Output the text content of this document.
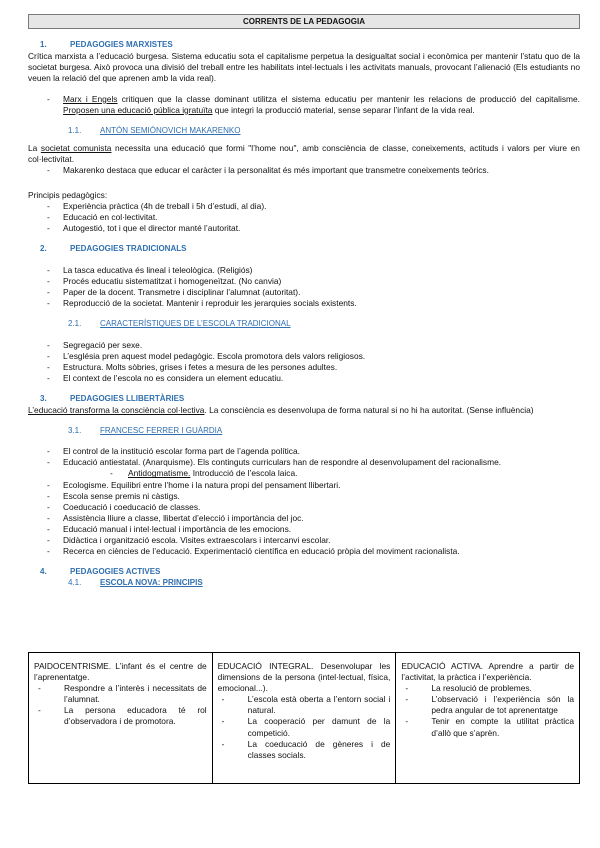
CORRENTS DE LA PEDAGOGIA
1.	PEDAGOGIES MARXISTES

Crítica marxista a l’educació burgesa. Sistema educatiu sota el capitalisme perpetua la desigualtat social i econòmica per mantenir l’statu quo de la societat burgesa. Això provoca una divisió del treball entre les habilitats intel·lectuals i les activitats manuals, provocant l’alienació (Els estudiants no veuen la relació del que aprenen amb la vida real).

- Marx i Engels critiquen que la classe dominant utilitza el sistema educatiu per mantenir les relacions de producció del capitalisme. Proposen una educació pública igratuïta que integri la producció material, sense separar l’infant de la vida real.
1.1. ANTÓN SEMIÓNOVICH MAKARENKO

La societat comunista necessita una educació que formi "l’home nou", amb consciència de classe, coneixements, actituds i valors per viure en col·lectivitat.

- Makarenko destaca que educar el caràcter i la personalitat és més important que transmetre coneixements teòrics.

Principis pedagògics:

- Experiència pràctica (4h de treball i 5h d’estudi, al dia).
- Educació en col·lectivitat.
- Autogestió, tot i que el director manté l’autoritat.
2.	PEDAGOGIES TRADICIONALS
- La tasca educativa és lineal i teleològica. (Religiós)
- Procés educatiu sistematitzat i homogeneïtzat. (No canvia)
- Paper de la docent. Transmetre i disciplinar l’alumnat (autoritat).
- Reproducció de la societat. Mantenir i reproduir les jerarquies socials existents.
2.1. CARACTERÍSTIQUES DE L’ESCOLA TRADICIONAL
- Segregació per sexe.
- L’església pren aquest model pedagògic. Escola promotora dels valors religiosos.
- Estructura. Molts sòbries, grises i fetes a mesura de les persones adultes.
- El context de l’escola no es considera un element educatiu.
3.	PEDAGOGIES LLIBERTÀRIES

L’educació transforma la consciència col·lectiva. La consciència es desenvolupa de forma natural si no hi ha autoritat. (Sense influència)

3.1. FRANCESC FERRER I GUÀRDIA
- El control de la institució escolar forma part de l’agenda política.
- Educació antiestatal. (Anarquisme). Els continguts curriculars han de respondre al desenvolupament del racionalisme.
- Antidogmatisme. Introducció de l’escola laica.
- Ecologisme. Equilibri entre l’home i la natura propi del pensament llibertari.
- Escola sense premis ni càstigs.
- Coeducació i coeducació de classes.
- Assistència lliure a classe, llibertat d’elecció i importància del joc.
- Educació manual i intel·lectual i importància de les emocions.
- Didàctica i organització escola. Visites extraescolars i intercanvi escolar.
- Recerca en ciències de l’educació. Experimentació científica en educació pròpia del moviment racionalista.
4.	PEDAGOGIES ACTIVES
4.1. ESCOLA NOVA: PRINCIPIS

PAIDOCENTRISME. L’infant és el centre de l’aprenentatge.

- Respondre a l’interès i necessitats de l’alumnat.
- La persona educadora té rol d’observadora i de promotora.

EDUCACIÓ INTEGRAL. Desenvolupar les dimensions de la persona (intel·lectual, física, emocional...).

- L’escola està oberta a l’entorn social i natural.
- La cooperació per damunt de la competició.
- La coeducació de gèneres i de classes socials.

EDUCACIÓ ACTIVA. Aprendre a partir de l’activitat, la pràctica i l’experiència.

- La resolució de problemes.
- L’observació i l’experiència són la pedra angular de tot aprenentatge
- Tenir en compte la utilitat pràctica d’allò que s’aprèn.
